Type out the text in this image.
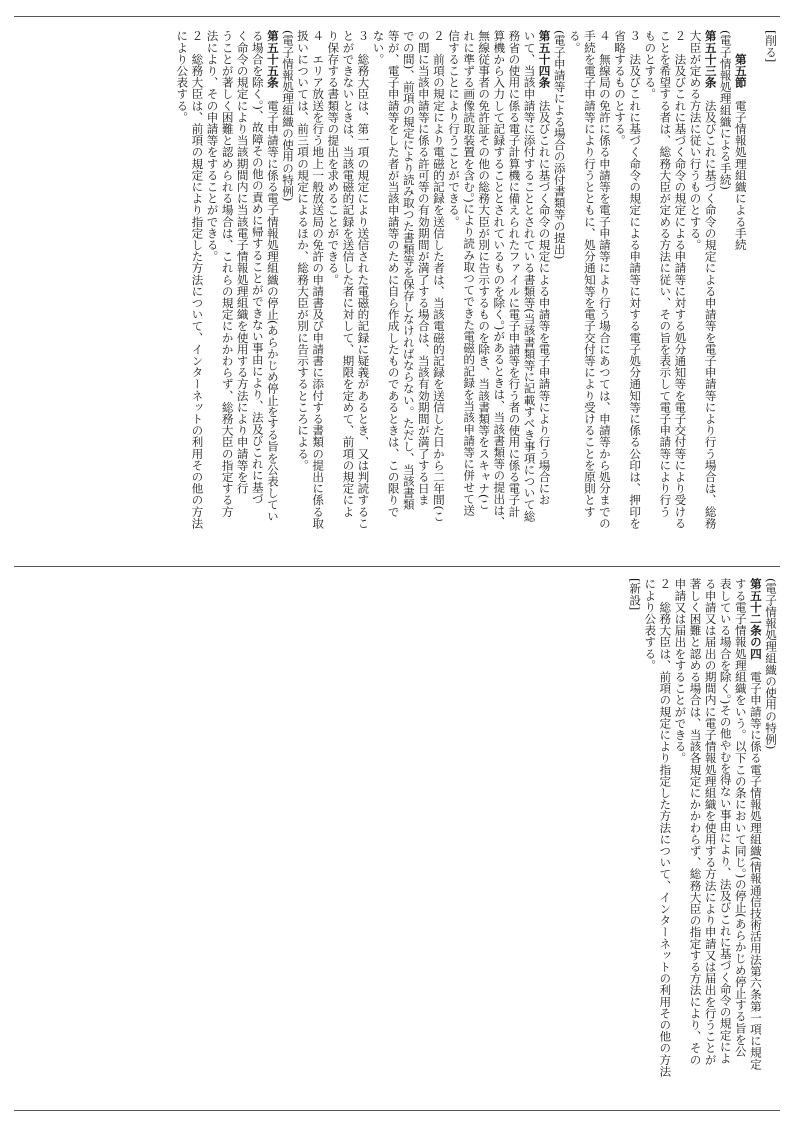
[削る]

　　第五節　電子情報処理組織による手続
(電子情報処理組織による手続)
第五十三条　法及びこれに基づく命令の規定による申請等を電子申請等により行う場合は、総務
大臣が定める方法に従い行うものとする。
２　法及びこれに基づく命令の規定による申請等に対する処分通知等を電子交付等により受ける
ことを希望する者は、総務大臣が定める方法に従い、その旨を表示して電子申請等により行う
ものとする。
３　法及びこれに基づく命令の規定による申請等に対する電子処分通知等に係る公印は、押印を
省略するものとする。
４　無線局の免許に係る申請等を電子申請等により行う場合にあつては、申請等から処分までの
手続を電子申請等により行うとともに、処分通知等を電子交付等により受けることを原則とす
る。
(電子申請等による場合の添付書類等の提出)
第五十四条　法及びこれに基づく命令の規定による申請等を電子申請等により行う場合にお
いて、当該申請等に添付することとされている書類等(当該書類等に記載すべき事項について総
務省の使用に係る電子計算機に備えられたファイルに電子申請等を行う者の使用に係る電子計
算機から入力して記録することとされているものを除く。)があるときは、当該書類等の提出は、
無線従事者の免許証その他の総務大臣が別に告示するものを除き、当該書類等をスキャナ(こ
れに準ずる画像読取装置を含む。)により読み取つてできた電磁的記録を当該申請等に併せて送
信することにより行うことができる。
２　前項の規定により電磁的記録を送信した者は、当該電磁的記録を送信した日から二年間(こ
の間に当該申請等に係る許可等の有効期間が満了する場合は、当該有効期間が満了する日ま
での間)、前項の規定により読み取つた書類等を保存しなければならない。ただし、当該書類
等が、電子申請等をした者が当該申請等のために自ら作成したものであるときは、この限りで
ない。
３　総務大臣は、第一項の規定により送信された電磁的記録に疑義があるとき、又は判読するこ
とができないときは、当該電磁的記録を送信した者に対して、期限を定めて、前項の規定によ
り保存する書類等の提出を求めることができる。
４　エリア放送を行う地上一般放送局の免許の申請書及び申請書に添付する書類の提出に係る取
扱いについては、前三項の規定によるほか、総務大臣が別に告示するところによる。
(電子情報処理組織の使用の特例)
第五十五条　電子申請等に係る電子情報処理組織の停止(あらかじめ停止をする旨を公表してい
る場合を除く。)、故障その他の責めに帰することができない事由により、法及びこれに基づ
く命令の規定により当該期間内に当該電子情報処理組織を使用する方法により申請等を行
うことが著しく困難と認められる場合は、これらの規定にかかわらず、総務大臣の指定する方
法により、その申請等をすることができる。
２　総務大臣は、前項の規定により指定した方法について、インターネットの利用その他の方法
により公表する。
(電子情報処理組織の使用の特例)
第五十二条の四　電子申請等に係る電子情報処理組織(情報通信技術活用法第六条第一項に規定
する電子情報処理組織をいう。以下この条において同じ。)の停止(あらかじめ停止する旨を公
表している場合を除く。)その他やむを得ない事由により、法及びこれに基づく命令の規定によ
る申請又は届出の期間内に電子情報処理組織を使用する方法により申請又は届出を行うことが
著しく困難と認める場合は、当該各規定にかかわらず、総務大臣の指定する方法により、その
申請又は届出をすることができる。
２　総務大臣は、前項の規定により指定した方法について、インターネットの利用その他の方法
により公表する。
[新設]
